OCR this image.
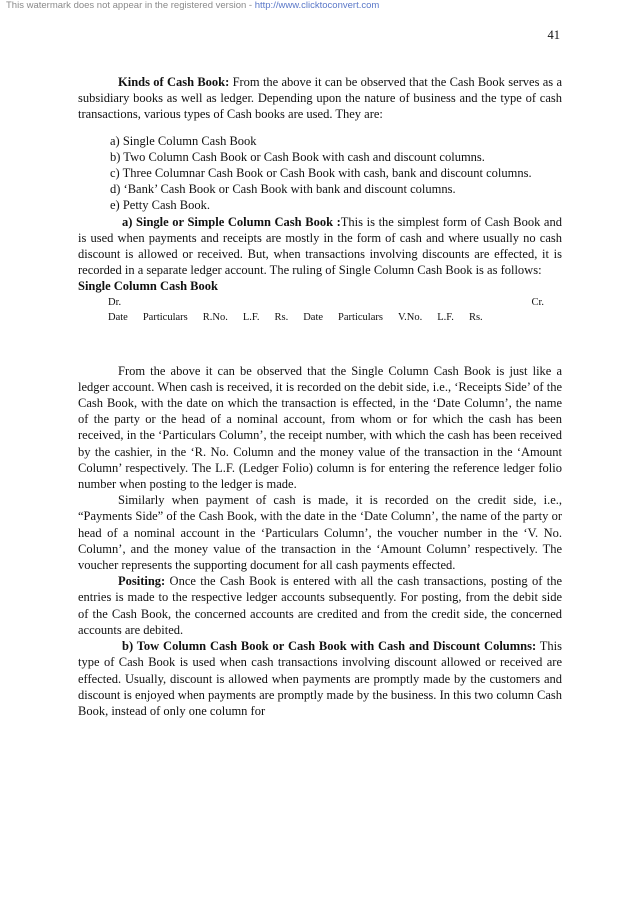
This watermark does not appear in the registered version - http://www.clicktoconvert.com
41

Kinds of Cash Book: From the above it can be observed that the Cash Book serves as a subsidiary books as well as ledger. Depending upon the nature of business and the type of cash transactions, various types of Cash books are used. They are:

a) Single Column Cash Book
b) Two Column Cash Book or Cash Book with cash and discount columns.
c) Three Columnar Cash Book or Cash Book with cash, bank and discount columns.
d) ‘Bank’ Cash Book or Cash Book with bank and discount columns.
e) Petty Cash Book.

a) Single or Simple Column Cash Book :This is the simplest form of Cash Book and is used when payments and receipts are mostly in the form of cash and where usually no cash discount is allowed or received. But, when transactions involving discounts are effected, it is recorded in a separate ledger account. The ruling of Single Column Cash Book is as follows:

Single Column Cash Book

Dr.	Cr.
Date Particulars R.No. L.F. Rs. Date Particulars V.No. L.F. Rs.

From the above it can be observed that the Single Column Cash Book is just like a ledger account. When cash is received, it is recorded on the debit side, i.e., ‘Receipts Side’ of the Cash Book, with the date on which the transaction is effected, in the ‘Date Column’, the name of the party or the head of a nominal account, from whom or for which the cash has been received, in the ‘Particulars Column’, the receipt number, with which the cash has been received by the cashier, in the ‘R. No. Column and the money value of the transaction in the ‘Amount Column’ respectively. The L.F. (Ledger Folio) column is for entering the reference ledger folio number when posting to the ledger is made.

Similarly when payment of cash is made, it is recorded on the credit side, i.e., “Payments Side” of the Cash Book, with the date in the ‘Date Column’, the name of the party or head of a nominal account in the ‘Particulars Column’, the voucher number in the ‘V. No. Column’, and the money value of the transaction in the ‘Amount Column’ respectively. The voucher represents the supporting document for all cash payments effected.

Positing: Once the Cash Book is entered with all the cash transactions, posting of the entries is made to the respective ledger accounts subsequently. For posting, from the debit side of the Cash Book, the concerned accounts are credited and from the credit side, the concerned accounts are debited.

b) Tow Column Cash Book or Cash Book with Cash and Discount Columns: This type of Cash Book is used when cash transactions involving discount allowed or received are effected. Usually, discount is allowed when payments are promptly made by the customers and discount is enjoyed when payments are promptly made by the business. In this two column Cash Book, instead of only one column for
